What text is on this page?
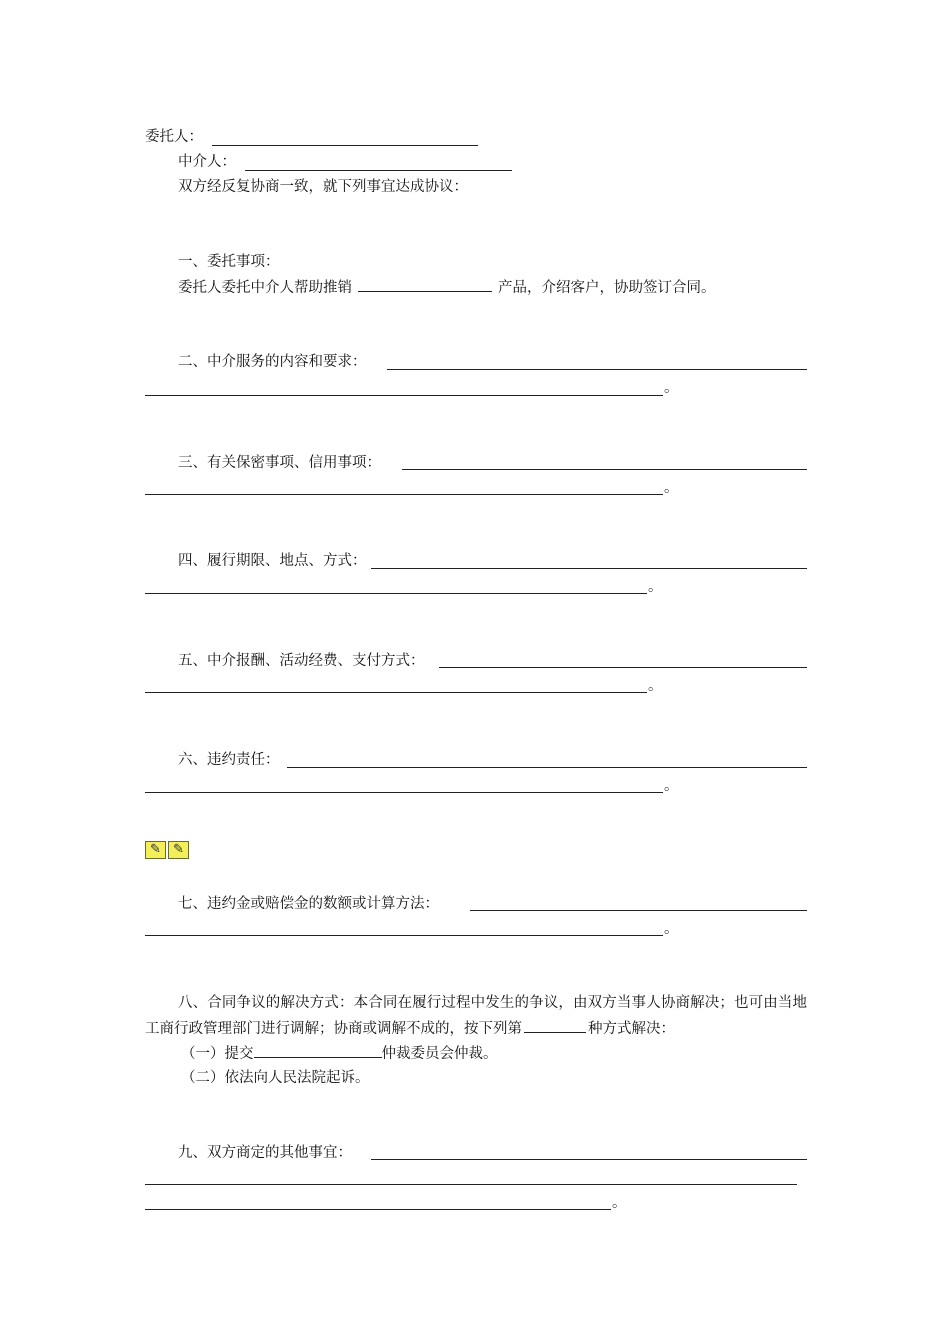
委托人：
中介人：
双方经反复协商一致，就下列事宜达成协议：
一、委托事项：
委托人委托中介人帮助推销	产品，介绍客户，协助签订合同。
二、中介服务的内容和要求：
。
三、有关保密事项、信用事项：
。
四、履行期限、地点、方式：
。
五、中介报酬、活动经费、支付方式：
。
六、违约责任：
。
✎ ✎
七、违约金或赔偿金的数额或计算方法：
。
八、合同争议的解决方式：本合同在履行过程中发生的争议，由双方当事人协商解决；也可由当地工商行政管理部门进行调解；协商或调解不成的，按下列第	种方式解决：
（一）提交	仲裁委员会仲裁。
（二）依法向人民法院起诉。
九、双方商定的其他事宜：
。
